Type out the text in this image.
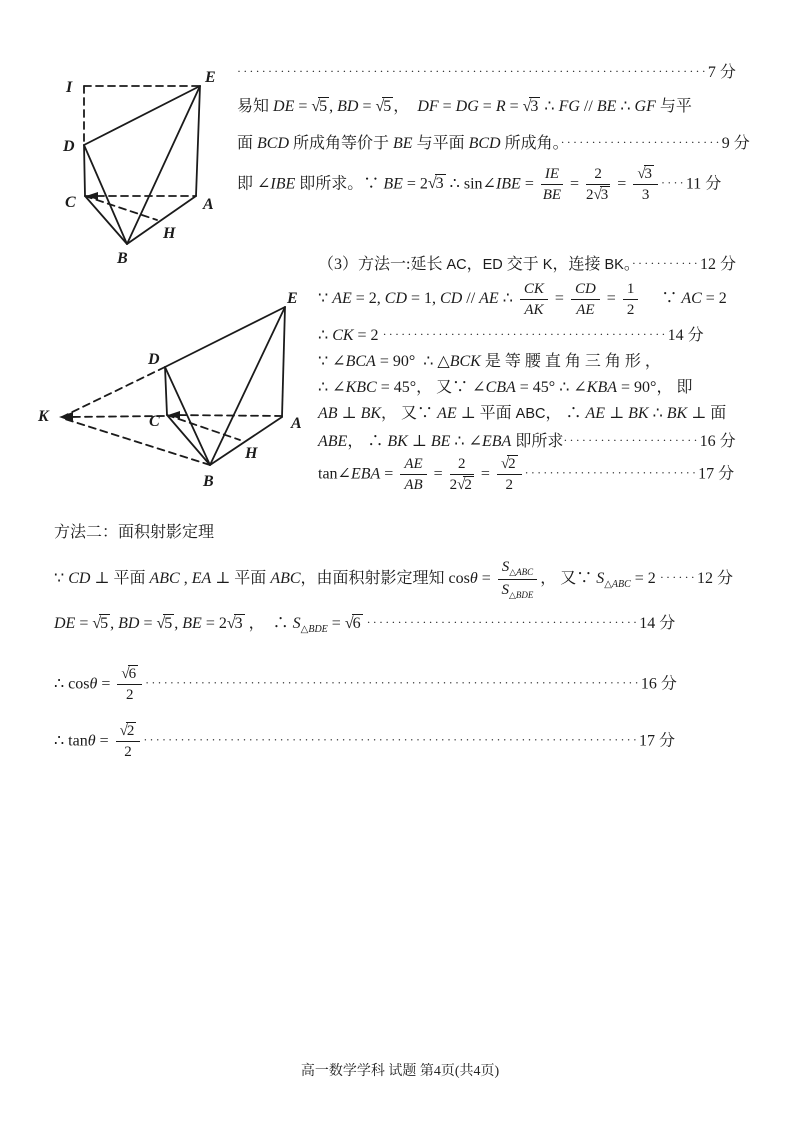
I
E
D
C	A
B
H
············································································7 分
易知 DE = √5 , BD = √5 ，  DF = DG = R = √3 ∴ FG // BE ∴ GF 与平
面 BCD 所成角等价于 BE 与平面 BCD 所成角。··························9 分
即 ∠IBE 即所求。∵ BE = 2√3 ∴ sin∠IBE = $\frac{IE}{BE} = \frac{2}{2√3} = \frac{√3}{3} \cdot\cdot\cdot\cdot 11$ 分
K
E
D
C	A
B
H
（3）方法一:延长 AC，ED 交于 K，连接 BK。···········12 分
∵ AE = 2, CD = 1, CD // AE ∴ $\frac{CK}{AK} = \frac{CD}{AE} = \frac{1}{2}$ 　 ∵ AC = 2
∴ CK = 2 ··············································14 分
∵ ∠BCA = 90°  ∴ △BCK 是 等 腰 直 角 三 角 形 ，
∴ ∠KBC = 45°， 又∵ ∠CBA = 45° ∴ ∠KBA = 90°， 即
AB ⊥ BK， 又∵ AE ⊥ 平面 ABC， ∴ AE ⊥ BK ∴ BK ⊥ 面
ABE， ∴ BK ⊥ BE ∴ ∠EBA 即所求······················16 分
tan∠EBA = $\frac{AE}{AB} = \frac{2}{2√2} = \frac{√2}{2} \cdot\cdot\cdot\cdot\cdot\cdot\cdot\cdot\cdot\cdot\cdot\cdot\cdot\cdot\cdot\cdot\cdot\cdot\cdot\cdot\cdot\cdot\cdot\cdot\cdot\cdot\cdot\cdot 17$ 分
方法二：面积射影定理
∵ CD ⊥ 平面 ABC , EA ⊥ 平面 ABC，由面积射影定理知 $\cos\theta = \frac{S_{\triangle ABC}}{S_{\triangle BDE}}$ ， 又∵ $S_{\triangle ABC} = 2 \cdot\cdot\cdot\cdot\cdot\cdot 12$ 分
DE = √5 , BD = √5 , BE = 2√3 ，  ∴ $S_{\triangle BDE} = √6 \cdot\cdot\cdot\cdot\cdot\cdot\cdot\cdot\cdot\cdot\cdot\cdot\cdot\cdot\cdot\cdot\cdot\cdot\cdot\cdot\cdot\cdot\cdot\cdot\cdot\cdot\cdot\cdot\cdot\cdot\cdot\cdot\cdot\cdot\cdot\cdot\cdot\cdot\cdot\cdot\cdot\cdot\cdot\cdot 14$ 分
∴ $\cos\theta = \frac{√6}{2} \cdot\cdot\cdot\cdot\cdot\cdot\cdot\cdot\cdot\cdot\cdot\cdot\cdot\cdot\cdot\cdot\cdot\cdot\cdot\cdot\cdot\cdot\cdot\cdot\cdot\cdot\cdot\cdot\cdot\cdot\cdot\cdot\cdot\cdot\cdot\cdot\cdot\cdot\cdot\cdot\cdot\cdot\cdot\cdot\cdot\cdot\cdot\cdot\cdot\cdot\cdot\cdot\cdot\cdot\cdot\cdot\cdot\cdot\cdot\cdot\cdot\cdot\cdot\cdot\cdot\cdot\cdot\cdot\cdot\cdot\cdot\cdot\cdot\cdot\cdot\cdot\cdot\cdot\cdot\cdot 16$ 分
∴ $\tan\theta = \frac{√2}{2} \cdot\cdot\cdot\cdot\cdot\cdot\cdot\cdot\cdot\cdot\cdot\cdot\cdot\cdot\cdot\cdot\cdot\cdot\cdot\cdot\cdot\cdot\cdot\cdot\cdot\cdot\cdot\cdot\cdot\cdot\cdot\cdot\cdot\cdot\cdot\cdot\cdot\cdot\cdot\cdot\cdot\cdot\cdot\cdot\cdot\cdot\cdot\cdot\cdot\cdot\cdot\cdot\cdot\cdot\cdot\cdot\cdot\cdot\cdot\cdot\cdot\cdot\cdot\cdot\cdot\cdot\cdot\cdot\cdot\cdot\cdot\cdot\cdot\cdot\cdot\cdot\cdot\cdot\cdot\cdot 17$ 分
高一数学学科 试题 第4页(共4页)
